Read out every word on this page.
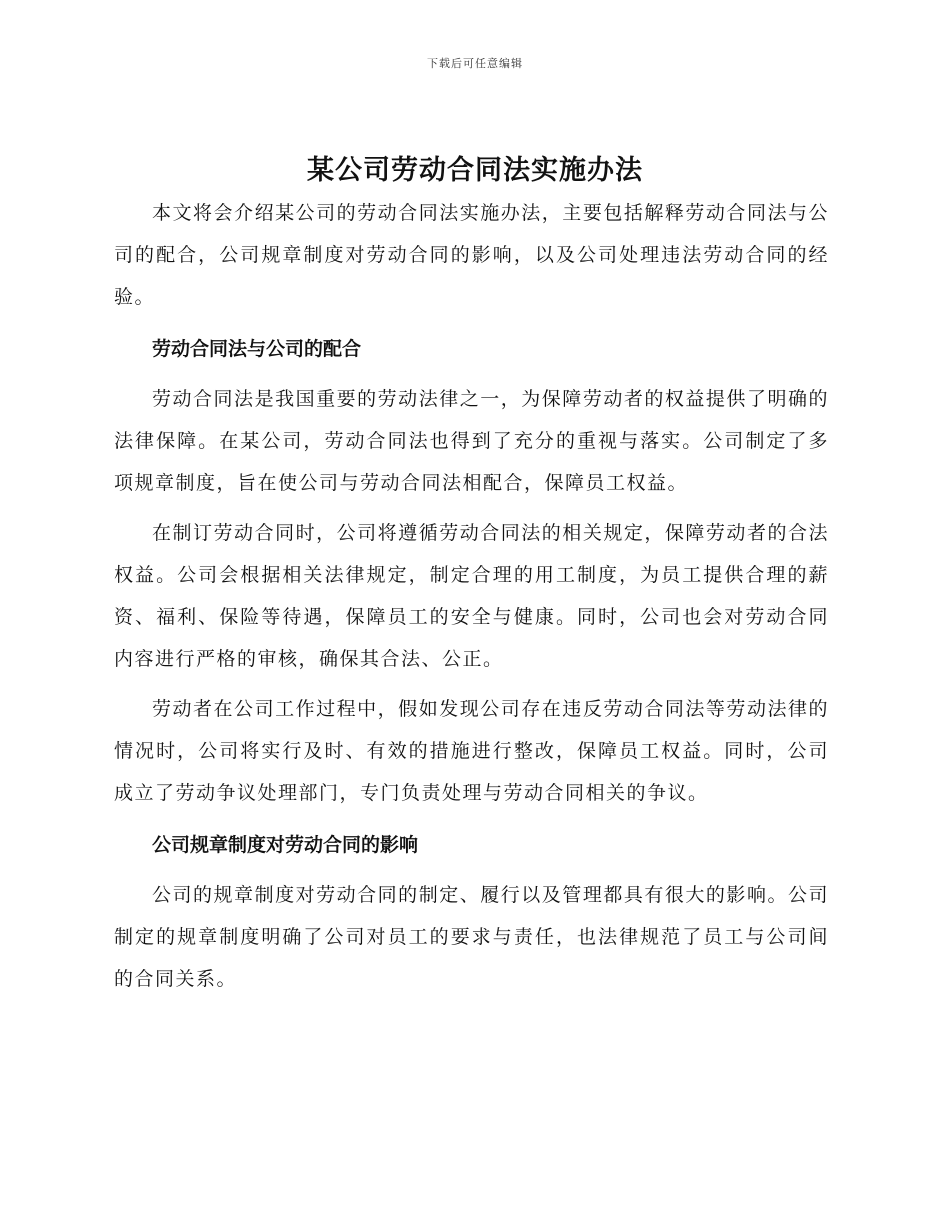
下载后可任意编辑
某公司劳动合同法实施办法

本文将会介绍某公司的劳动合同法实施办法，主要包括解释劳动合同法与公司的配合，公司规章制度对劳动合同的影响，以及公司处理违法劳动合同的经验。

劳动合同法与公司的配合

劳动合同法是我国重要的劳动法律之一，为保障劳动者的权益提供了明确的法律保障。在某公司，劳动合同法也得到了充分的重视与落实。公司制定了多项规章制度，旨在使公司与劳动合同法相配合，保障员工权益。

在制订劳动合同时，公司将遵循劳动合同法的相关规定，保障劳动者的合法权益。公司会根据相关法律规定，制定合理的用工制度，为员工提供合理的薪资、福利、保险等待遇，保障员工的安全与健康。同时，公司也会对劳动合同内容进行严格的审核，确保其合法、公正。

劳动者在公司工作过程中，假如发现公司存在违反劳动合同法等劳动法律的情况时，公司将实行及时、有效的措施进行整改，保障员工权益。同时，公司成立了劳动争议处理部门，专门负责处理与劳动合同相关的争议。

公司规章制度对劳动合同的影响

公司的规章制度对劳动合同的制定、履行以及管理都具有很大的影响。公司制定的规章制度明确了公司对员工的要求与责任，也法律规范了员工与公司间的合同关系。
